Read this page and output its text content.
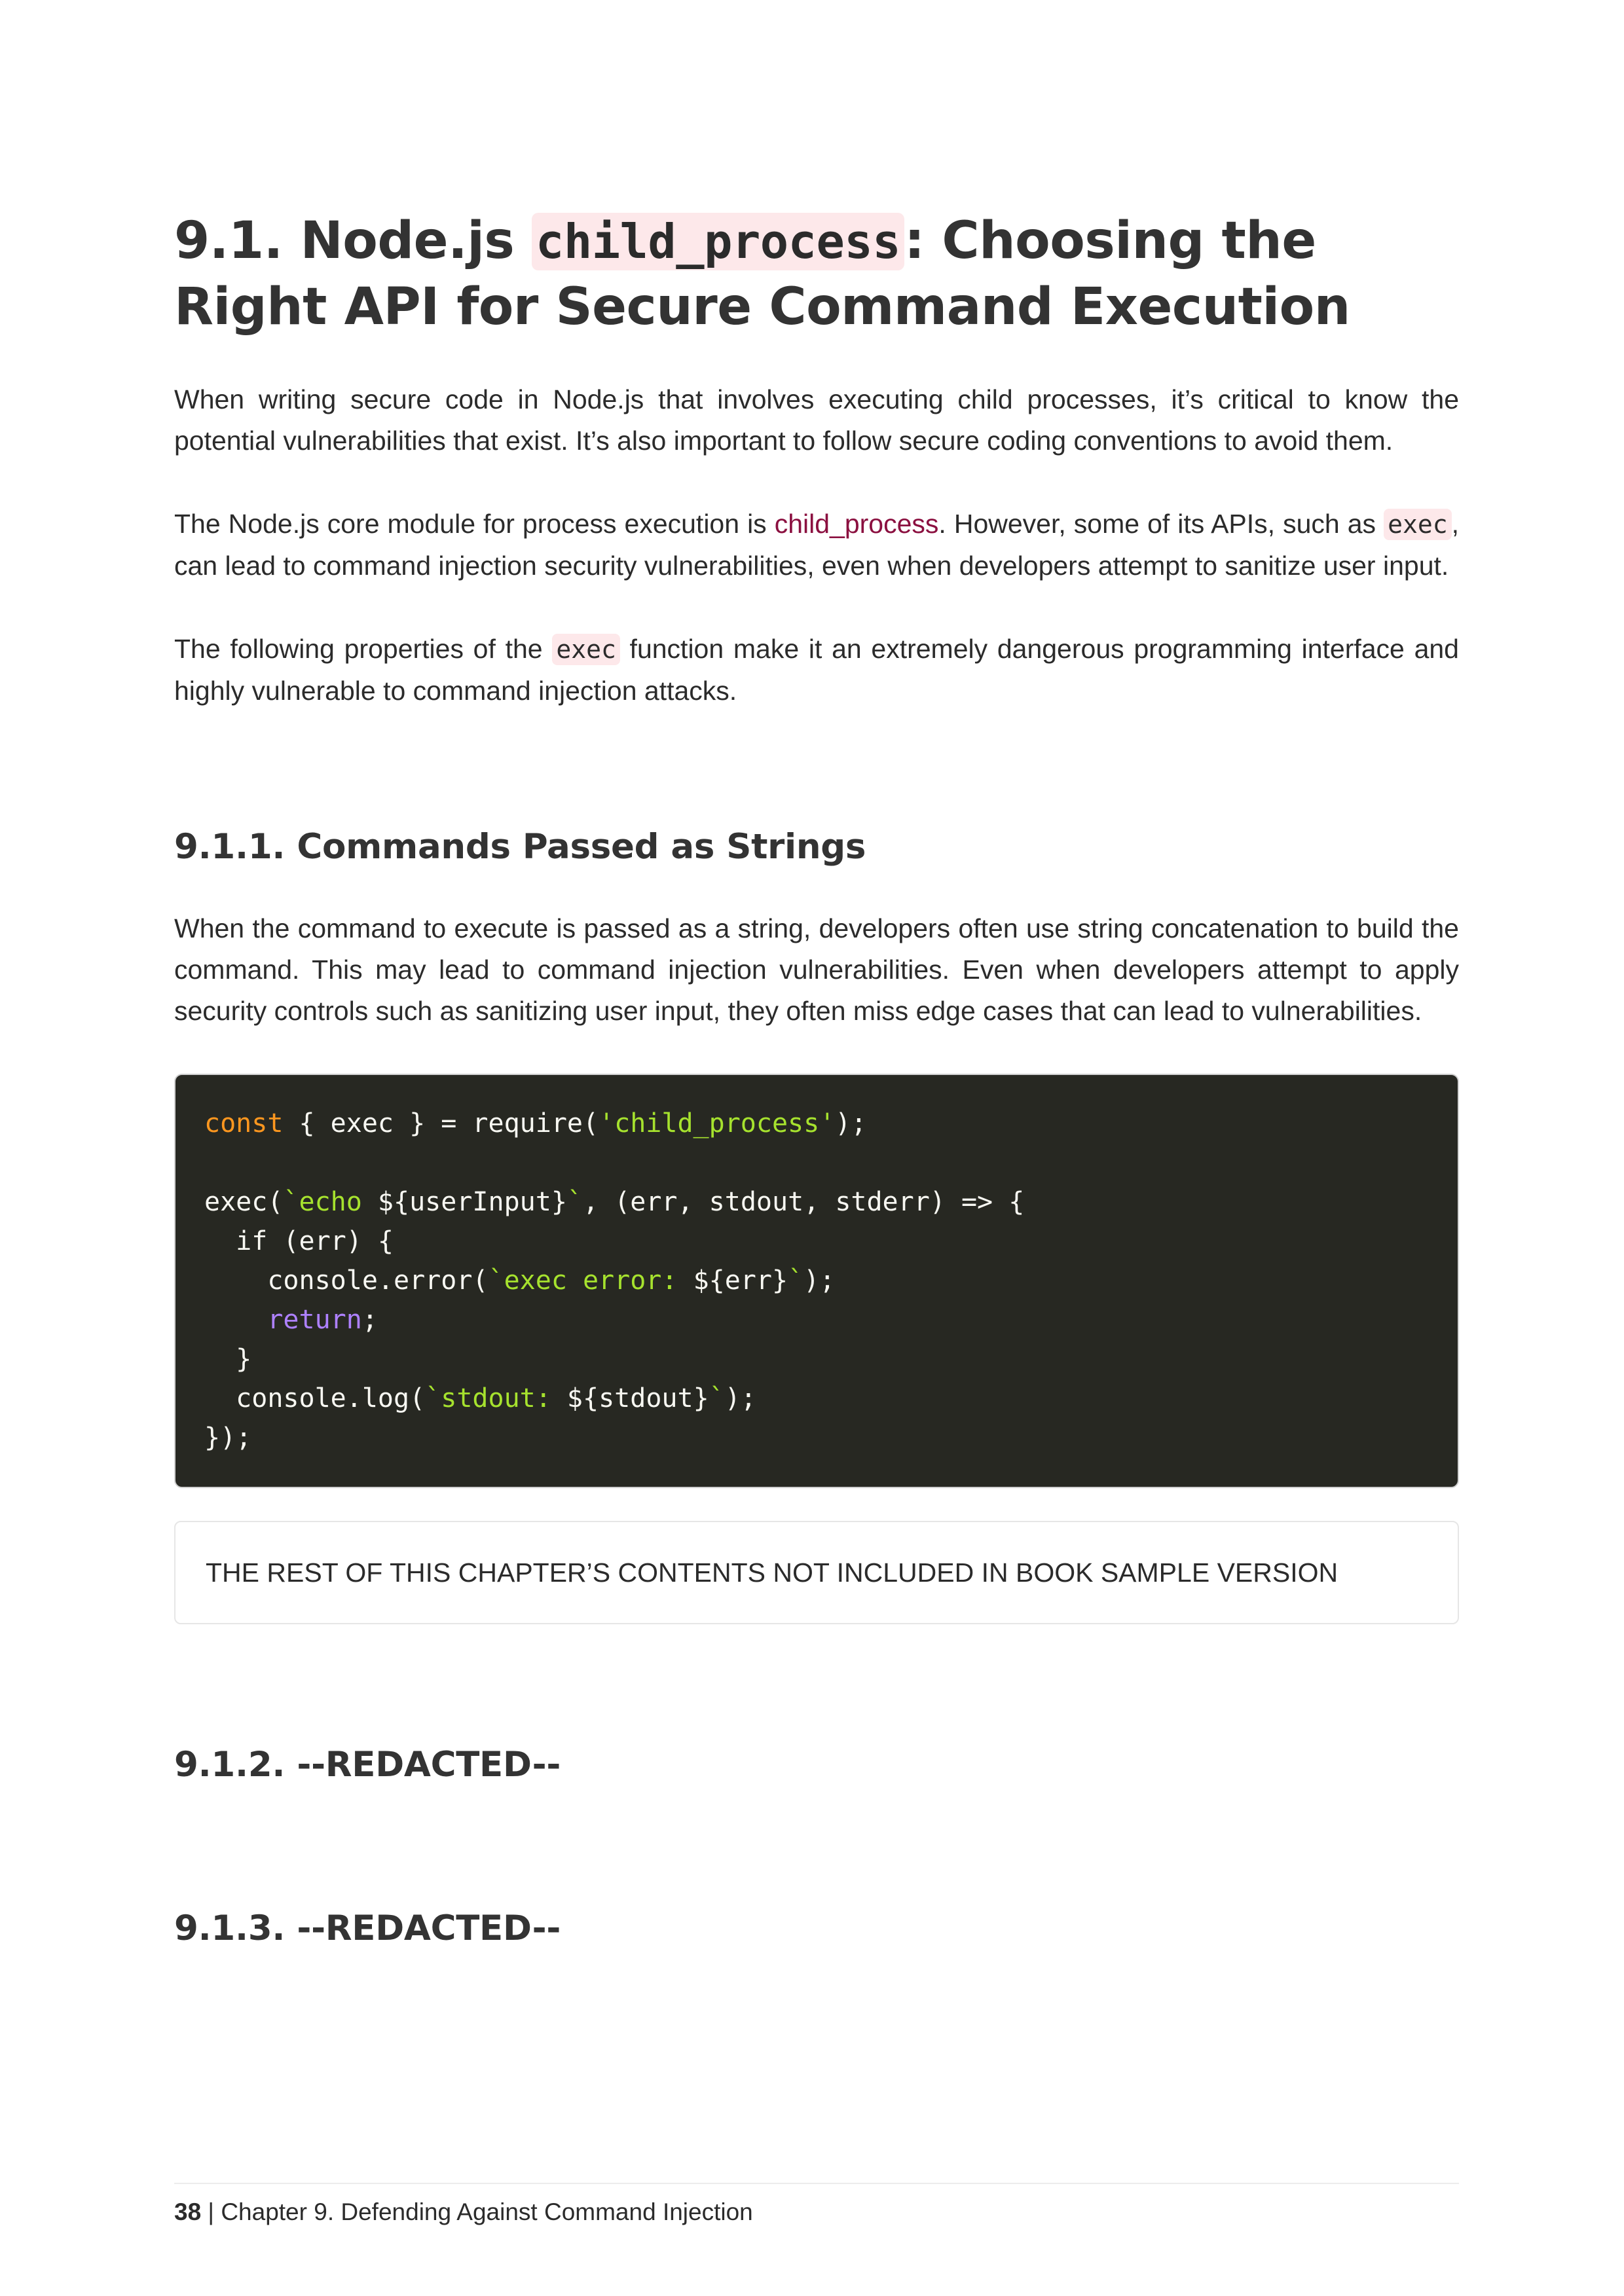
9.1. Node.js child_process: Choosing the Right API for Secure Command Execution

When writing secure code in Node.js that involves executing child processes, it’s critical to know the potential vulnerabilities that exist. It’s also important to follow secure coding conventions to avoid them.

The Node.js core module for process execution is child_process. However, some of its APIs, such as exec , can lead to command injection security vulnerabilities, even when developers attempt to sanitize user input.

The following properties of the exec function make it an extremely dangerous programming interface and highly vulnerable to command injection attacks.

9.1.1. Commands Passed as Strings

When the command to execute is passed as a string, developers often use string concatenation to build the command. This may lead to command injection vulnerabilities. Even when developers attempt to apply security controls such as sanitizing user input, they often miss edge cases that can lead to vulnerabilities.

const { exec } = require('child_process');

exec(`echo ${userInput}`, (err, stdout, stderr) => {
if (err) {
console.error(`exec error: ${err}`);
return;
}
console.log(`stdout: ${stdout}`);
});
THE REST OF THIS CHAPTER’S CONTENTS NOT INCLUDED IN BOOK SAMPLE VERSION
9.1.2. --REDACTED--
9.1.3. --REDACTED--
38 | Chapter 9. Defending Against Command Injection
